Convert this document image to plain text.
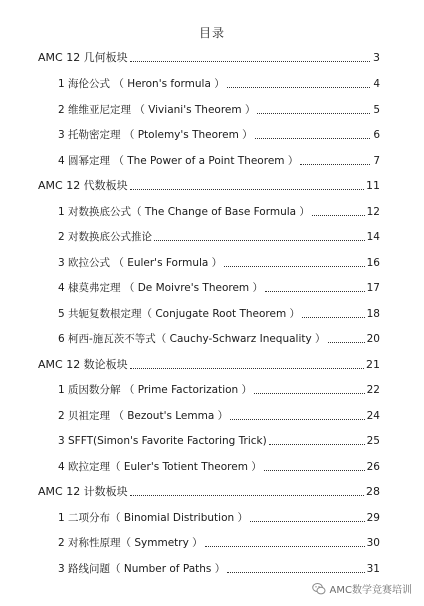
目录
AMC 12 几何板块	3
1 海伦公式 （ Heron's formula ）	4
2 维维亚尼定理 （ Viviani's Theorem ）	5
3 托勒密定理 （ Ptolemy's Theorem ）	6
4 圆幂定理 （ The Power of a Point Theorem ）	7
AMC 12 代数板块	11
1 对数换底公式（ The Change of Base Formula ）	12
2 对数换底公式推论	14
3 欧拉公式 （ Euler's Formula ）	16
4 棣莫弗定理 （ De Moivre's Theorem ）	17
5 共轭复数根定理（ Conjugate Root Theorem ）	18
6 柯西-施瓦茨不等式（ Cauchy-Schwarz Inequality ）	20
AMC 12 数论板块	21
1 质因数分解 （ Prime Factorization ）	22
2 贝祖定理 （ Bezout's Lemma ）	24
3 SFFT(Simon's Favorite Factoring Trick)	25
4 欧拉定理（ Euler's Totient Theorem ）	26
AMC 12 计数板块	28
1 二项分布（ Binomial Distribution ）	29
2 对称性原理（ Symmetry ）	30
3 路线问题（ Number of Paths ）	31
AMC数学竞赛培训
